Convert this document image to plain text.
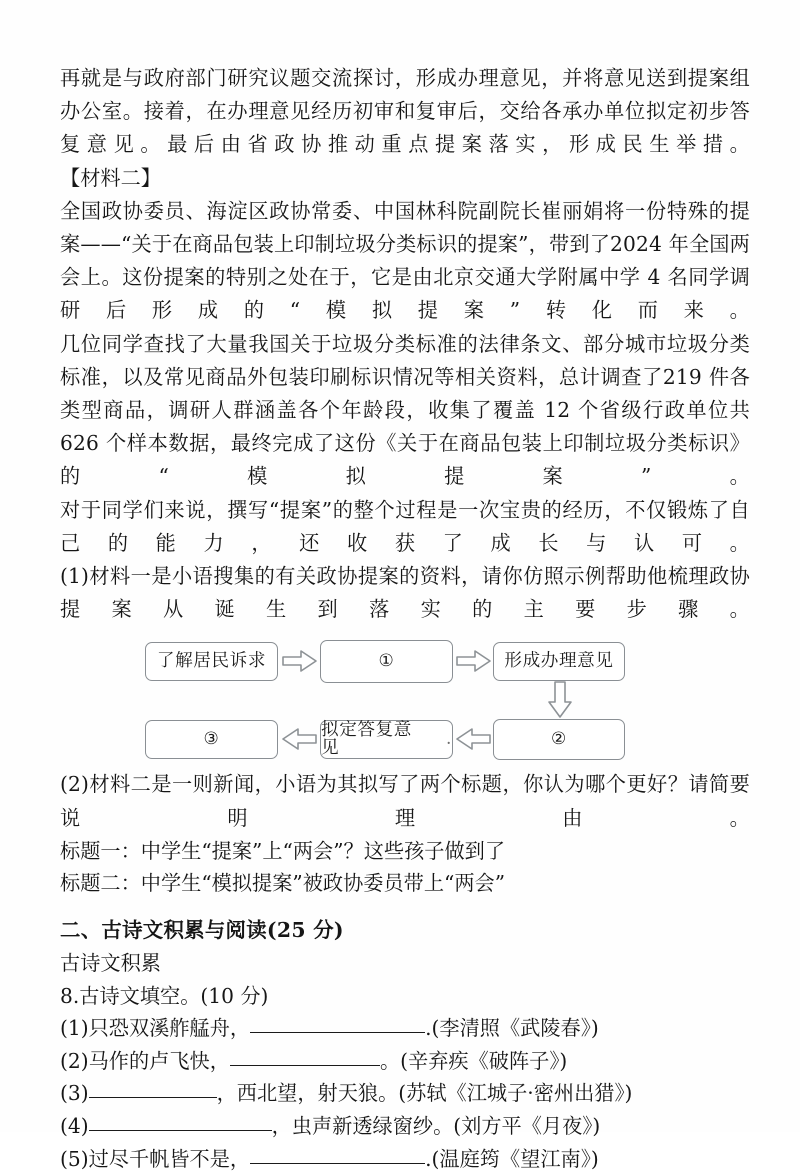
再就是与政府部门研究议题交流探讨，形成办理意见，并将意见送到提案组办公室。接着，在办理意见经历初审和复审后，交给各承办单位拟定初步答复意见。最后由省政协推动重点提案落实，形成民生举措。

【材料二】

全国政协委员、海淀区政协常委、中国林科院副院长崔丽娟将一份特殊的提案——“关于在商品包装上印制垃圾分类标识的提案”，带到了2024 年全国两会上。这份提案的特别之处在于，它是由北京交通大学附属中学 4 名同学调研后形成的“模拟提案”转化而来。

几位同学查找了大量我国关于垃圾分类标准的法律条文、部分城市垃圾分类标准，以及常见商品外包装印刷标识情况等相关资料，总计调查了219 件各类型商品，调研人群涵盖各个年龄段，收集了覆盖 12 个省级行政单位共 626 个样本数据，最终完成了这份《关于在商品包装上印制垃圾分类标识》的“模拟提案”。

对于同学们来说，撰写“提案”的整个过程是一次宝贵的经历，不仅锻炼了自己的能力，还收获了成长与认可。

(1)材料一是小语搜集的有关政协提案的资料，请你仿照示例帮助他梳理政协提案从诞生到落实的主要步骤。

了解居民诉求	①	形成办理意见
②
拟定答复意见	.
③

(2)材料二是一则新闻，小语为其拟写了两个标题，你认为哪个更好？请简要说明理由。

标题一：中学生“提案”上“两会”？这些孩子做到了

标题二：中学生“模拟提案”被政协委员带上“两会”

二、古诗文积累与阅读(25 分)

古诗文积累

8.古诗文填空。(10 分)

(1)只恐双溪舴艋舟，	.(李清照《武陵春》)

(2)马作的卢飞快，	。(辛弃疾《破阵子》)

(3)	，西北望，射天狼。(苏轼《江城子·密州出猎》)

(4)	，虫声新透绿窗纱。(刘方平《月夜》)

(5)过尽千帆皆不是，	.(温庭筠《望江南》)
